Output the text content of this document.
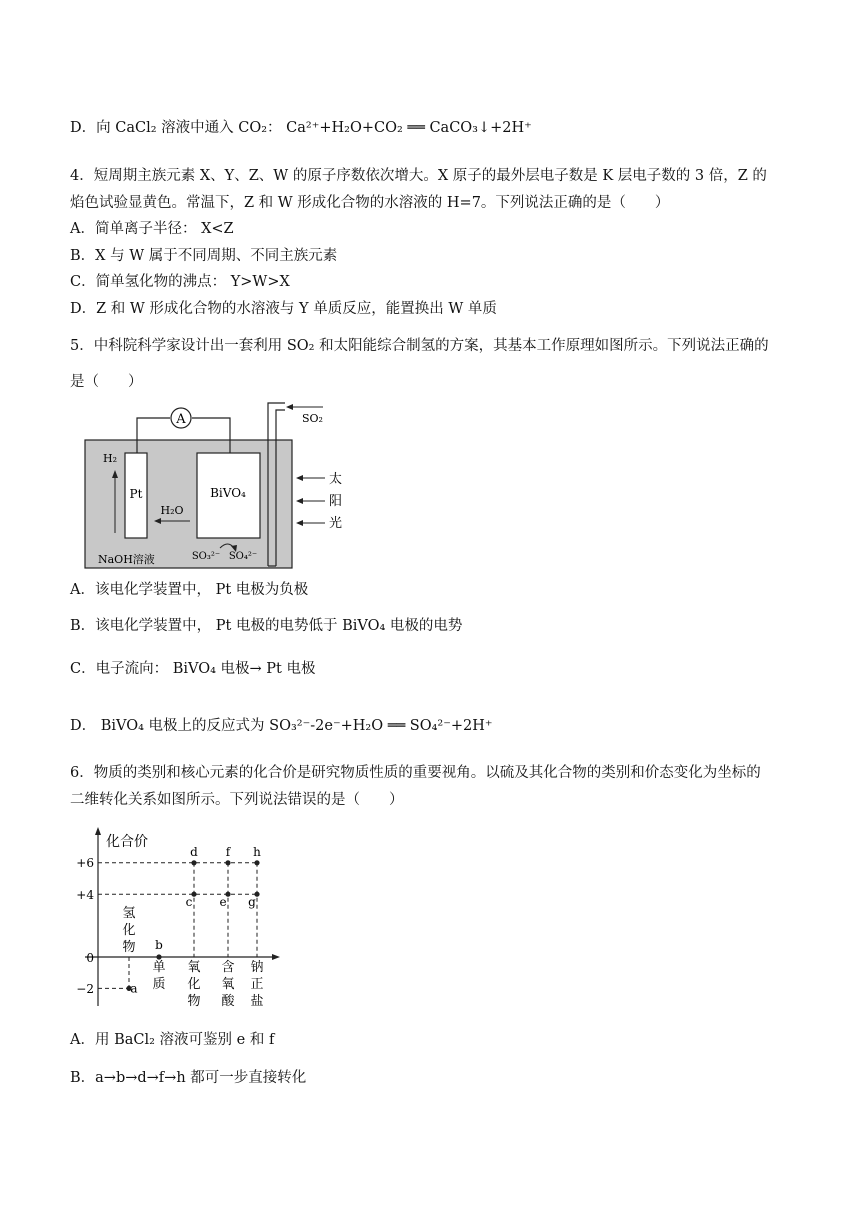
D．向 CaCl₂ 溶液中通入 CO₂： Ca²⁺+H₂O+CO₂ ══ CaCO₃↓+2H⁺
4．短周期主族元素 X、Y、Z、W 的原子序数依次增大。X 原子的最外层电子数是 K 层电子数的 3 倍，Z 的
焰色试验显黄色。常温下，Z 和 W 形成化合物的水溶液的 H=7。下列说法正确的是（　　）
A．简单离子半径： X<Z
B．X 与 W 属于不同周期、不同主族元素
C．简单氢化物的沸点： Y>W>X
D．Z 和 W 形成化合物的水溶液与 Y 单质反应，能置换出 W 单质
5．中科院科学家设计出一套利用 SO₂ 和太阳能综合制氢的方案，其基本工作原理如图所示。下列说法正确的
是（　　）
A
Pt	BiVO₄
H₂
H₂O
SO₃²⁻ SO₄²⁻
NaOH溶液
SO₂
太
阳
光
A．该电化学装置中， Pt 电极为负极
B．该电化学装置中， Pt 电极的电势低于 BiVO₄ 电极的电势
C．电子流向： BiVO₄ 电极→ Pt 电极
D． BiVO₄ 电极上的反应式为 SO₃²⁻-2e⁻+H₂O ══ SO₄²⁻+2H⁺
6．物质的类别和核心元素的化合价是研究物质性质的重要视角。以硫及其化合物的类别和价态变化为坐标的
二维转化关系如图所示。下列说法错误的是（　　）
化合价
+6
+4
0
−2	a
b
c
d
e
f
g
h
氢
化
物
单
质
氧
化
物
含
氧
酸
钠
正
盐
A．用 BaCl₂ 溶液可鉴别 e 和 f
B．a→b→d→f→h 都可一步直接转化
